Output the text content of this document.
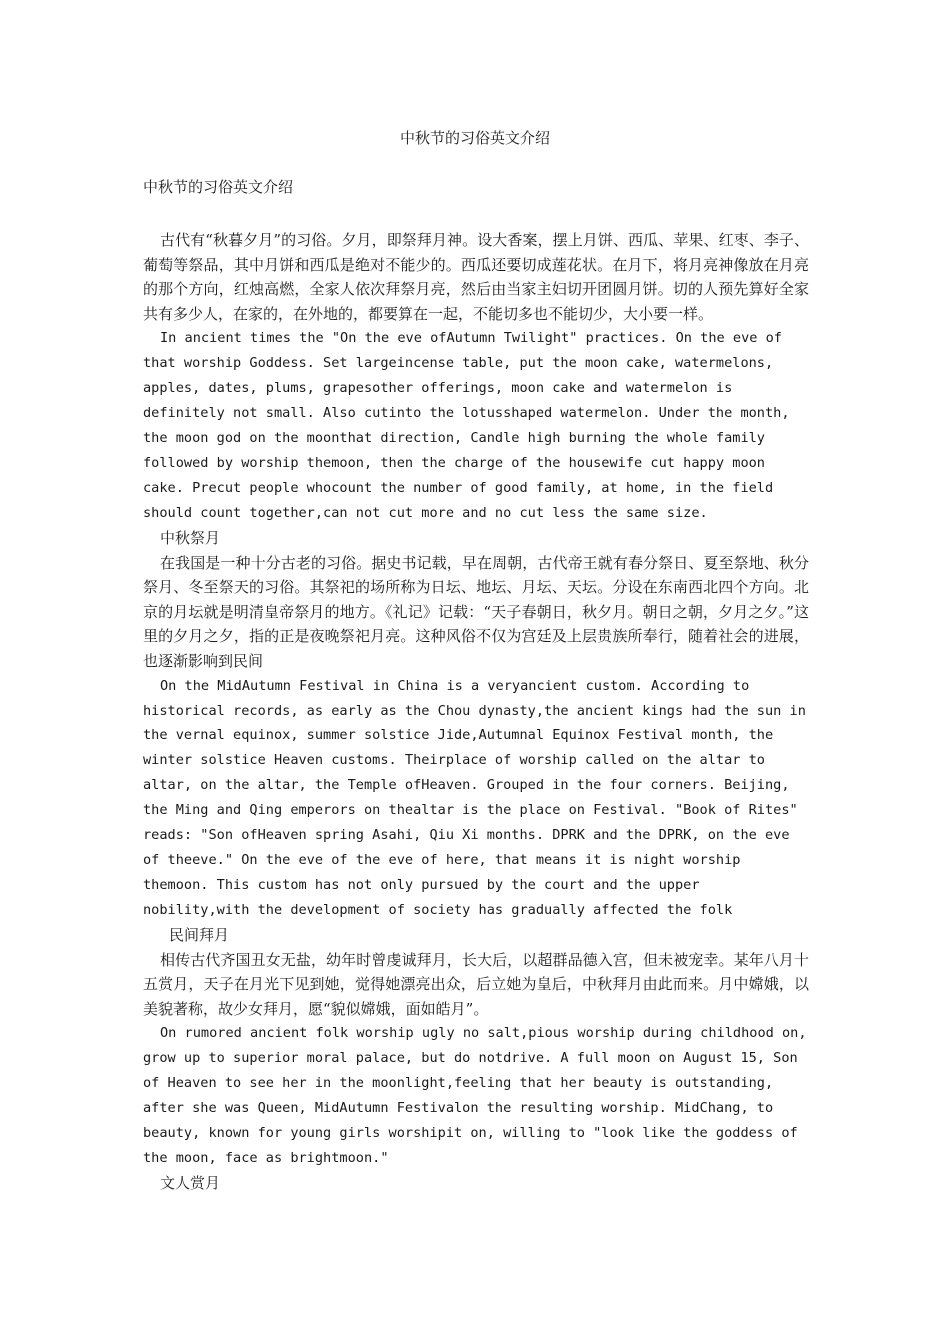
中秋节的习俗英文介绍
中秋节的习俗英文介绍

古代有“秋暮夕月”的习俗。夕月，即祭拜月神。设大香案，摆上月饼、西瓜、苹果、红枣、李子、葡萄等祭品，其中月饼和西瓜是绝对不能少的。西瓜还要切成莲花状。在月下，将月亮神像放在月亮的那个方向，红烛高燃，全家人依次拜祭月亮，然后由当家主妇切开团圆月饼。切的人预先算好全家共有多少人，在家的，在外地的，都要算在一起，不能切多也不能切少，大小要一样。

In ancient times the "On the eve ofAutumn Twilight" practices. On the eve of that worship Goddess. Set largeincense table, put the moon cake, watermelons, apples, dates, plums, grapesother offerings, moon cake and watermelon is definitely not small. Also cutinto the lotusshaped watermelon. Under the month, the moon god on the moonthat direction, Candle high burning the whole family followed by worship themoon, then the charge of the housewife cut happy moon cake. Precut people whocount the number of good family, at home, in the field should count together,can not cut more and no cut less the same size.

中秋祭月

在我国是一种十分古老的习俗。据史书记载，早在周朝，古代帝王就有春分祭日、夏至祭地、秋分祭月、冬至祭天的习俗。其祭祀的场所称为日坛、地坛、月坛、天坛。分设在东南西北四个方向。北京的月坛就是明清皇帝祭月的地方。《礼记》记载：“天子春朝日，秋夕月。朝日之朝，夕月之夕。”这里的夕月之夕，指的正是夜晚祭祀月亮。这种风俗不仅为宫廷及上层贵族所奉行，随着社会的进展，也逐渐影响到民间

On the MidAutumn Festival in China is a veryancient custom. According to historical records, as early as the Chou dynasty,the ancient kings had the sun in the vernal equinox, summer solstice Jide,Autumnal Equinox Festival month, the winter solstice Heaven customs. Theirplace of worship called on the altar to altar, on the altar, the Temple ofHeaven. Grouped in the four corners. Beijing, the Ming and Qing emperors on thealtar is the place on Festival. "Book of Rites" reads: "Son ofHeaven spring Asahi, Qiu Xi months. DPRK and the DPRK, on the eve of theeve." On the eve of the eve of here, that means it is night worship themoon. This custom has not only pursued by the court and the upper nobility,with the development of society has gradually affected the folk

民间拜月

相传古代齐国丑女无盐，幼年时曾虔诚拜月，长大后，以超群品德入宫，但未被宠幸。某年八月十五赏月，天子在月光下见到她，觉得她漂亮出众，后立她为皇后，中秋拜月由此而来。月中嫦娥，以美貌著称，故少女拜月，愿“貌似嫦娥，面如皓月”。

On rumored ancient folk worship ugly no salt,pious worship during childhood on, grow up to superior moral palace, but do notdrive. A full moon on August 15, Son of Heaven to see her in the moonlight,feeling that her beauty is outstanding, after she was Queen, MidAutumn Festivalon the resulting worship. MidChang, to beauty, known for young girls worshipit on, willing to "look like the goddess of the moon, face as brightmoon."

文人赏月
